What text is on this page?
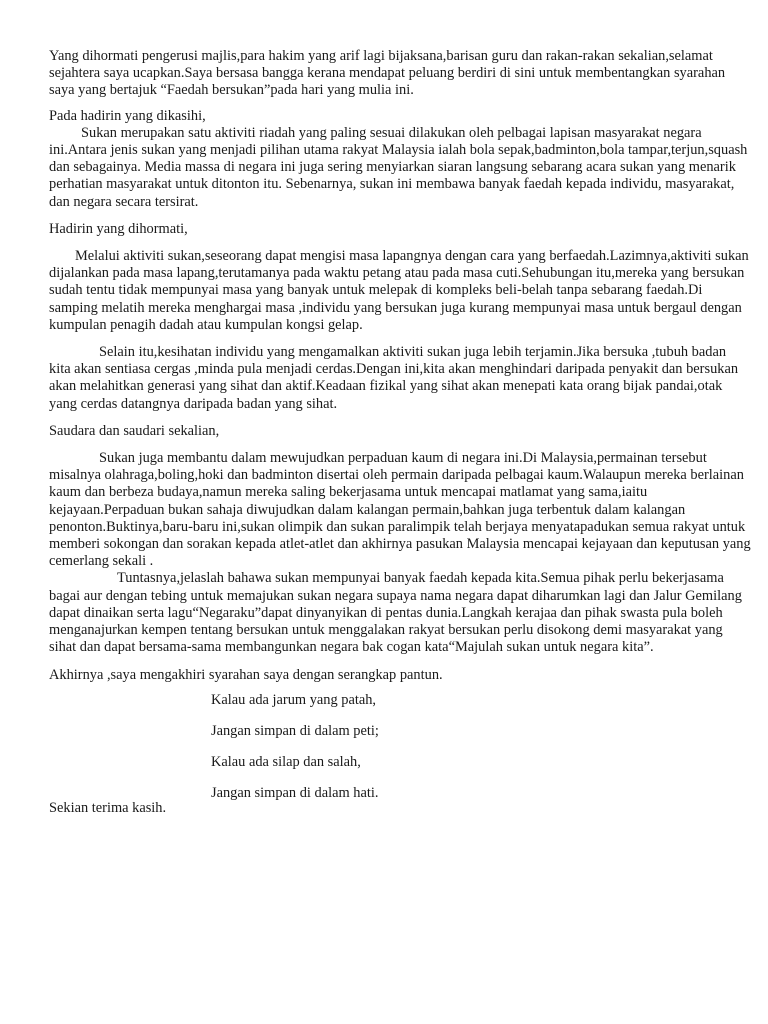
Yang dihormati pengerusi majlis,para hakim yang arif lagi bijaksana,barisan guru dan rakan-rakan sekalian,selamat sejahtera saya ucapkan.Saya bersasa bangga kerana mendapat peluang berdiri di sini untuk membentangkan syarahan saya yang bertajuk “Faedah bersukan”pada hari yang mulia ini.

Pada hadirin yang dikasihi,

Sukan merupakan satu aktiviti riadah yang paling sesuai dilakukan oleh pelbagai lapisan masyarakat negara ini.Antara jenis sukan yang menjadi pilihan utama rakyat Malaysia ialah bola sepak,badminton,bola tampar,terjun,squash dan sebagainya. Media massa di negara ini juga sering menyiarkan siaran langsung sebarang acara sukan yang menarik perhatian masyarakat untuk ditonton itu. Sebenarnya, sukan ini membawa banyak faedah kepada individu, masyarakat, dan negara secara tersirat.

Hadirin yang dihormati,

Melalui aktiviti sukan,seseorang dapat mengisi masa lapangnya dengan cara yang berfaedah.Lazimnya,aktiviti sukan dijalankan pada masa lapang,terutamanya pada waktu petang atau pada masa cuti.Sehubungan itu,mereka yang bersukan sudah tentu tidak mempunyai masa yang banyak untuk melepak di kompleks beli-belah tanpa sebarang faedah.Di samping melatih mereka menghargai masa ,individu yang bersukan juga kurang mempunyai masa untuk bergaul dengan kumpulan penagih dadah atau kumpulan kongsi gelap.

Selain itu,kesihatan individu yang mengamalkan aktiviti sukan juga lebih terjamin.Jika bersuka ,tubuh badan kita akan sentiasa cergas ,minda pula menjadi cerdas.Dengan ini,kita akan menghindari daripada penyakit dan bersukan akan melahitkan generasi yang sihat dan aktif.Keadaan fizikal yang sihat akan menepati kata orang bijak pandai,otak yang cerdas datangnya daripada badan yang sihat.

Saudara dan saudari sekalian,

Sukan juga membantu dalam mewujudkan perpaduan kaum di negara ini.Di Malaysia,permainan tersebut misalnya olahraga,boling,hoki dan badminton disertai oleh permain daripada pelbagai kaum.Walaupun mereka berlainan kaum dan berbeza budaya,namun mereka saling bekerjasama untuk mencapai matlamat yang sama,iaitu kejayaan.Perpaduan bukan sahaja diwujudkan dalam kalangan permain,bahkan juga terbentuk dalam kalangan penonton.Buktinya,baru-baru ini,sukan olimpik dan sukan paralimpik telah berjaya menyatapadukan semua rakyat untuk memberi sokongan dan sorakan kepada atlet-atlet dan akhirnya pasukan Malaysia mencapai kejayaan dan keputusan yang cemerlang sekali .

Tuntasnya,jelaslah bahawa sukan mempunyai banyak faedah kepada kita.Semua pihak perlu bekerjasama bagai aur dengan tebing untuk memajukan sukan negara supaya nama negara dapat diharumkan lagi dan Jalur Gemilang dapat dinaikan serta lagu“Negaraku”dapat dinyanyikan di pentas dunia.Langkah kerajaa dan pihak swasta pula boleh menganajurkan kempen tentang bersukan untuk menggalakan rakyat bersukan perlu disokong demi masyarakat yang sihat dan dapat bersama-sama membangunkan negara bak cogan kata“Majulah sukan untuk negara kita”.

Akhirnya ,saya mengakhiri syarahan saya dengan serangkap pantun.

Kalau ada jarum yang patah,

Jangan simpan di dalam peti;

Kalau ada silap dan salah,

Jangan simpan di dalam hati.

Sekian terima kasih.
